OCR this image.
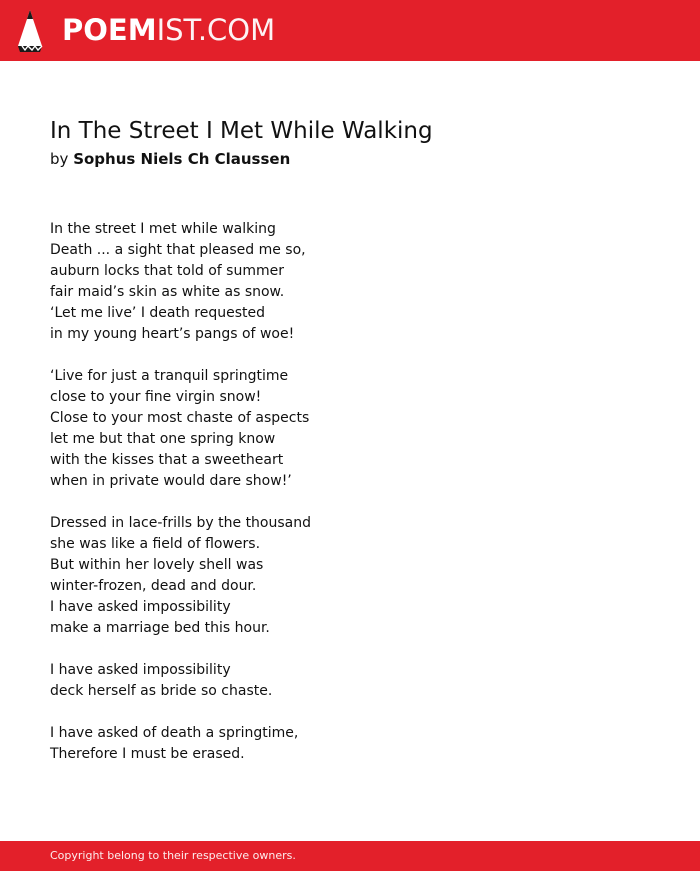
POEMIST.COM
In The Street I Met While Walking
by Sophus Niels Ch Claussen
In the street I met while walking
Death ... a sight that pleased me so,
auburn locks that told of summer
fair maid’s skin as white as snow.
‘Let me live’ I death requested
in my young heart’s pangs of woe!
‘Live for just a tranquil springtime
close to your fine virgin snow!
Close to your most chaste of aspects
let me but that one spring know
with the kisses that a sweetheart
when in private would dare show!’
Dressed in lace-frills by the thousand
she was like a field of flowers.
But within her lovely shell was
winter-frozen, dead and dour.
I have asked impossibility
make a marriage bed this hour.
I have asked impossibility
deck herself as bride so chaste.
I have asked of death a springtime,
Therefore I must be erased.
Copyright belong to their respective owners.
